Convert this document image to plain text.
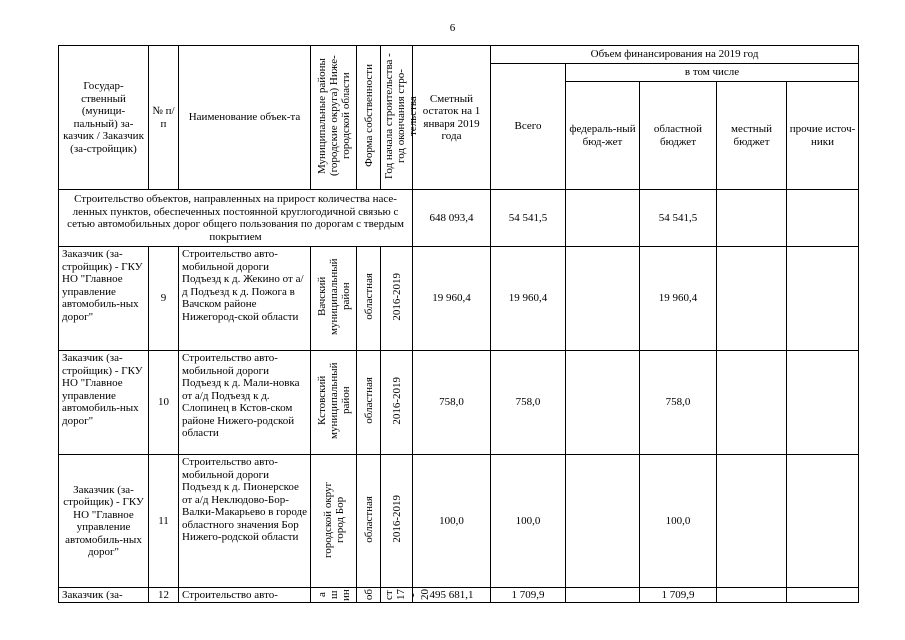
6
Государ-ственный (муници-пальный) за-казчик / Заказчик (за-стройщик)	№ п/п	Наименование объек-та	Муниципальные районы (городские округа) Ниже-городской области	Форма собственности	Год начала строительства - год окончания стро-тельства	Сметный остаток на 1 января 2019 года	Объем финансирования на 2019 год				
							Всего	в том числе			
								федераль-ный бюд-жет	областной бюджет	местный бюджет	прочие источ-ники
Строительство объектов, направленных на прирост количества насе-ленных пунктов, обеспеченных постоянной круглогодичной связью с сетью автомобильных дорог общего пользования по дорогам с твердым покрытием						648 093,4	54 541,5		54 541,5		
Заказчик (за-стройщик) - ГКУ НО "Главное управление автомобиль-ных дорог"	9	Строительство авто-мобильной дороги Подъезд к д. Жекино от а/д Подъезд к д. Пожога в Вачском районе Нижегород-ской области	Вачский муниципальный район	областная	2016-2019	19 960,4	19 960,4		19 960,4		
Заказчик (за-стройщик) - ГКУ НО "Главное управление автомобиль-ных дорог"	10	Строительство авто-мобильной дороги Подъезд к д. Мали-новка от а/д Подъезд к д. Слопинец в Кстов-ском районе Нижего-родской области	Кстовский муниципальный район	областная	2016-2019	758,0	758,0		758,0		
Заказчик (за-стройщик) - ГКУ НО "Главное управление автомобиль-ных дорог"	11	Строительство авто-мобильной дороги Подъезд к д. Пионерское от а/д Неклюдово-Бор-Валки-Макарьево в городе областного значения Бор Нижего-родской области	городской округ город Бор	областная	2016-2019	100,0	100,0		100,0		

Заказчик (за-	12	Строительство авто-	а ш ин	об	ст 17 - 20	495 681,1	1 709,9		1 709,9		
